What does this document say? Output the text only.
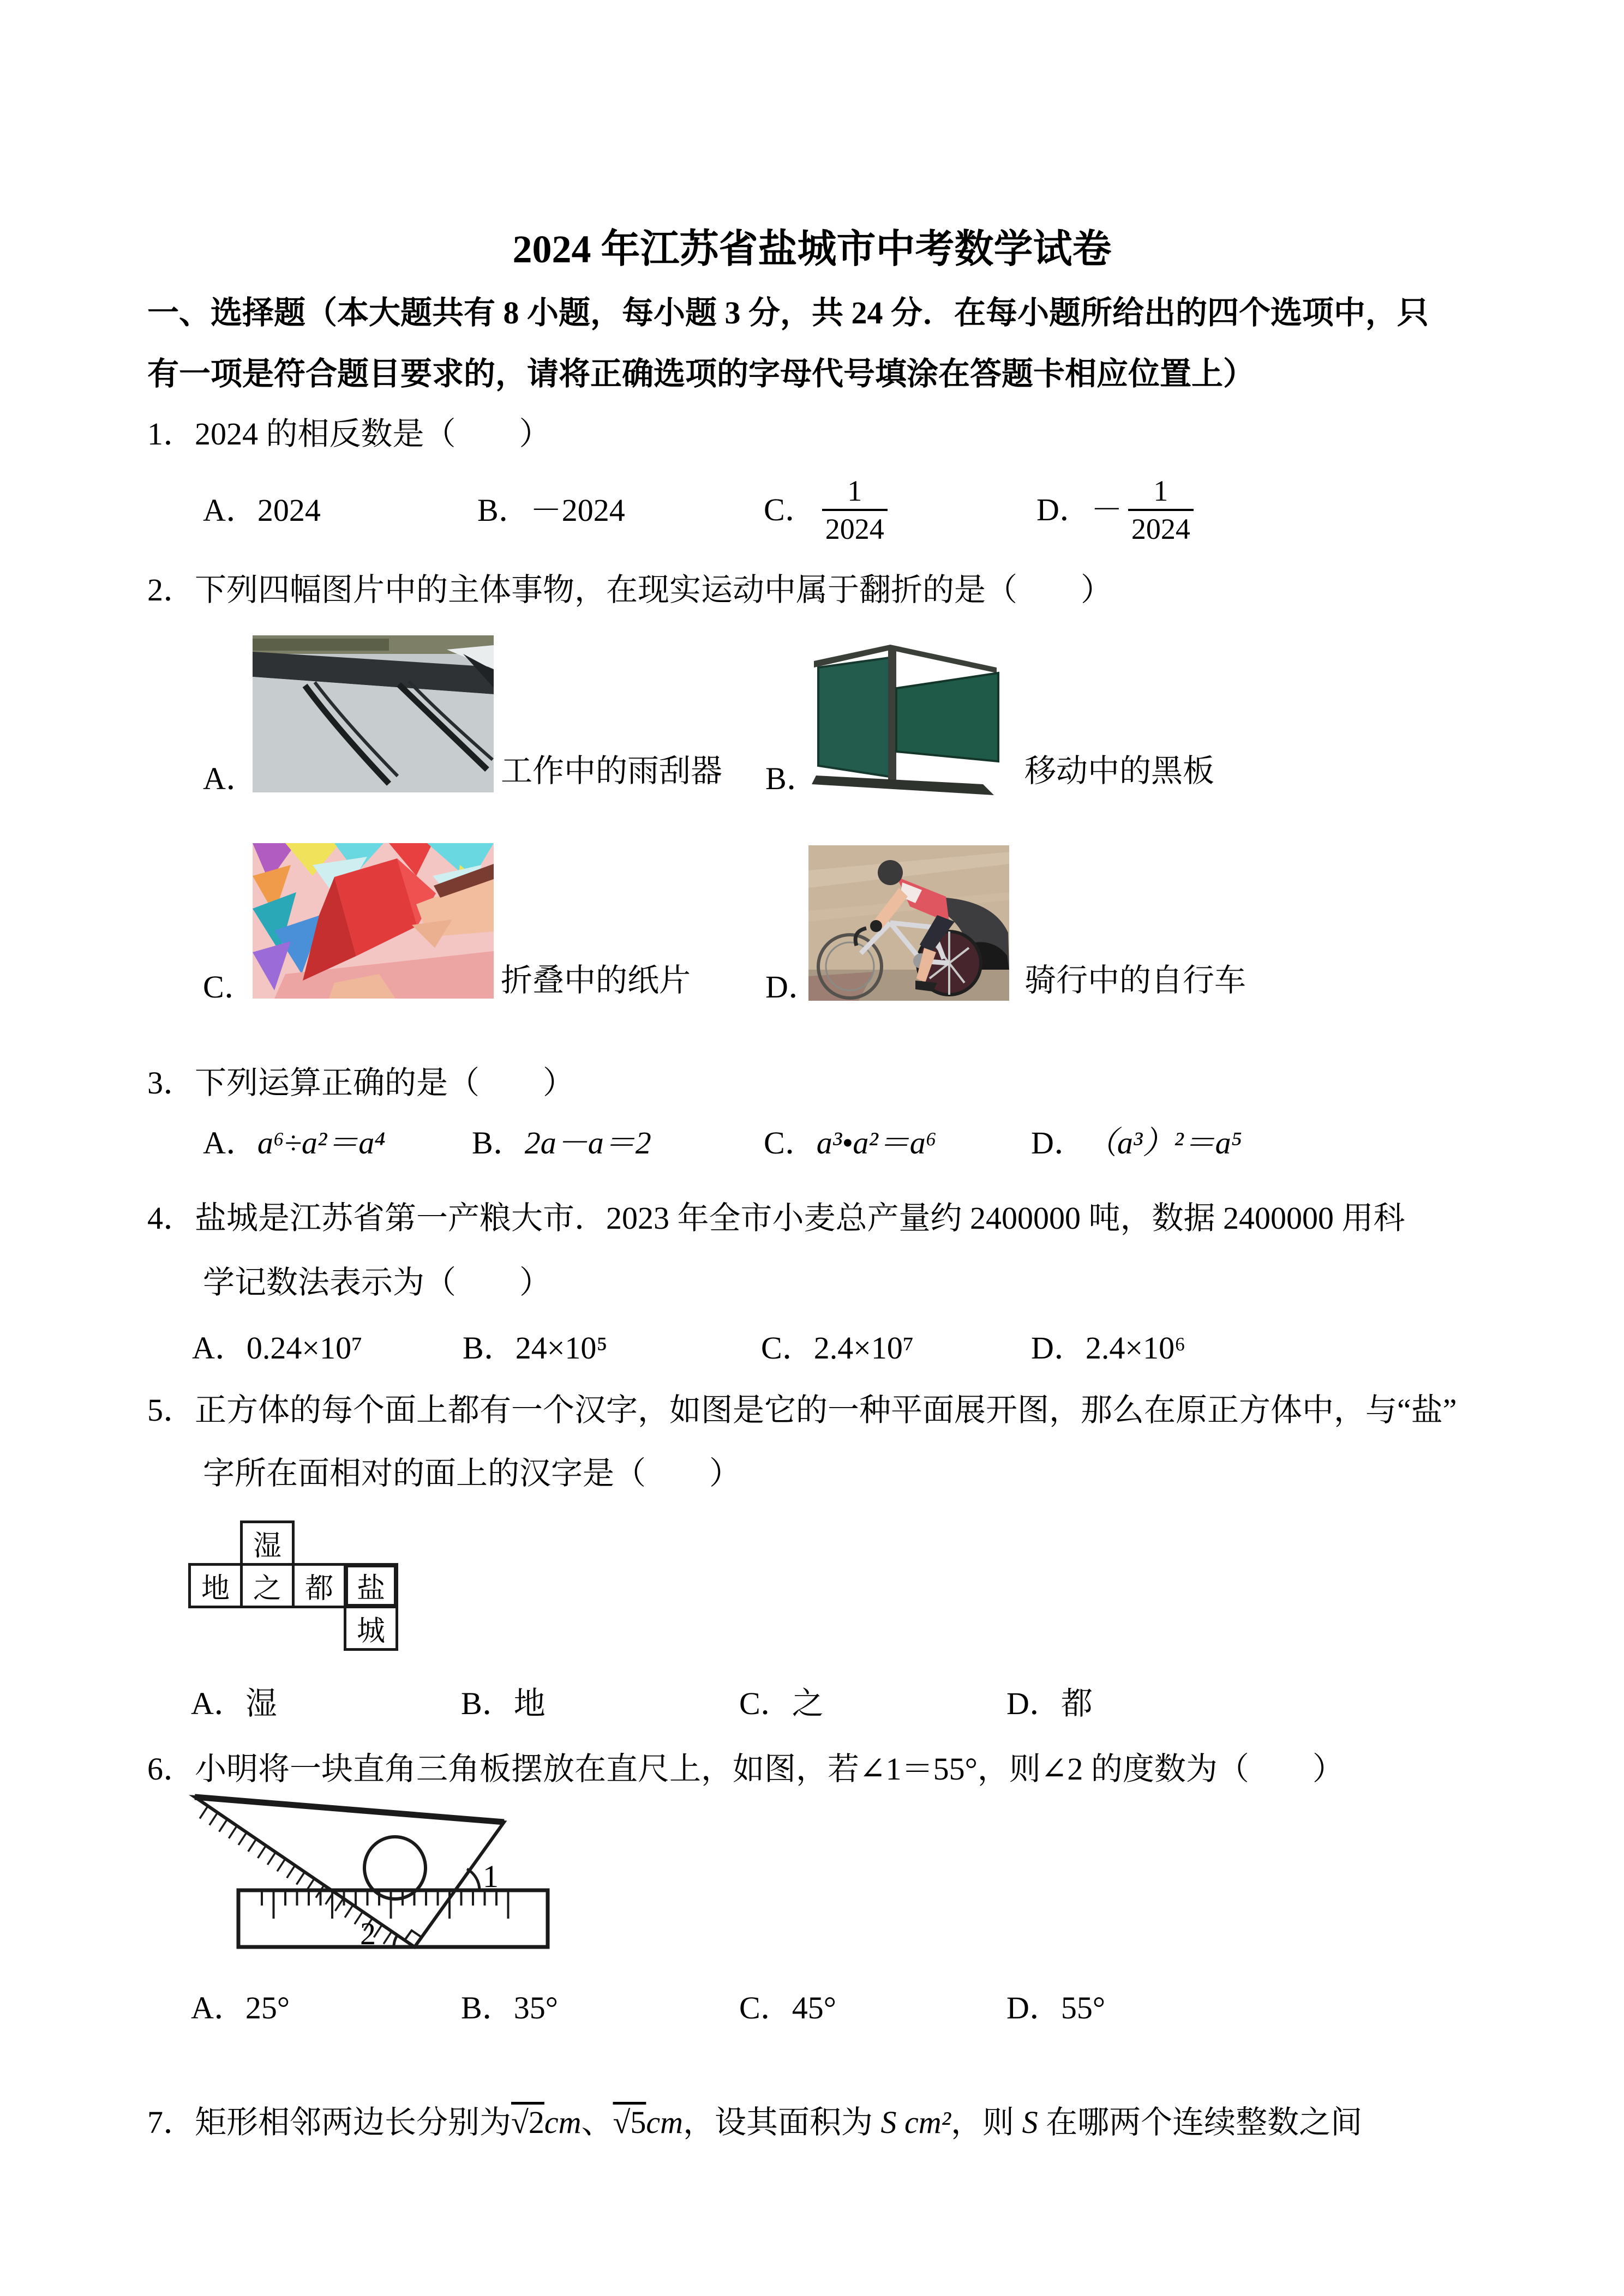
2024 年江苏省盐城市中考数学试卷
一、选择题（本大题共有 8 小题，每小题 3 分，共 24 分．在每小题所给出的四个选项中，只
有一项是符合题目要求的，请将正确选项的字母代号填涂在答题卡相应位置上）
1．2024 的相反数是（　　）
A． 2024	B． －2024	C． $\frac{1}{2024}$	D． － $\frac{1}{2024}$
2．下列四幅图片中的主体事物，在现实运动中属于翻折的是（　　）
A．	工作中的雨刮器 B．	移动中的黑板
C．	折叠中的纸片 D．	骑行中的自行车
3．下列运算正确的是（　　）
A． a⁶÷a²＝a⁴	B． 2a－a＝2	C． a³•a²＝a⁶	D． （a³）²＝a⁵
4．盐城是江苏省第一产粮大市．2023 年全市小麦总产量约 2400000 吨，数据 2400000 用科
学记数法表示为（　　）
A． 0.24×10⁷	B． 24×10⁵	C． 2.4×10⁷	D． 2.4×10⁶
5．正方体的每个面上都有一个汉字，如图是它的一种平面展开图，那么在原正方体中，与“盐”
字所在面相对的面上的汉字是（　　）
湿
地 之 都 盐
城
A． 湿	B． 地	C． 之	D． 都
6．小明将一块直角三角板摆放在直尺上，如图，若∠1＝55°，则∠2 的度数为（　　）
1
2
A． 25°	B． 35°	C． 45°	D． 55°
7．矩形相邻两边长分别为√2cm、√5cm，设其面积为 S cm²，则 S 在哪两个连续整数之间
